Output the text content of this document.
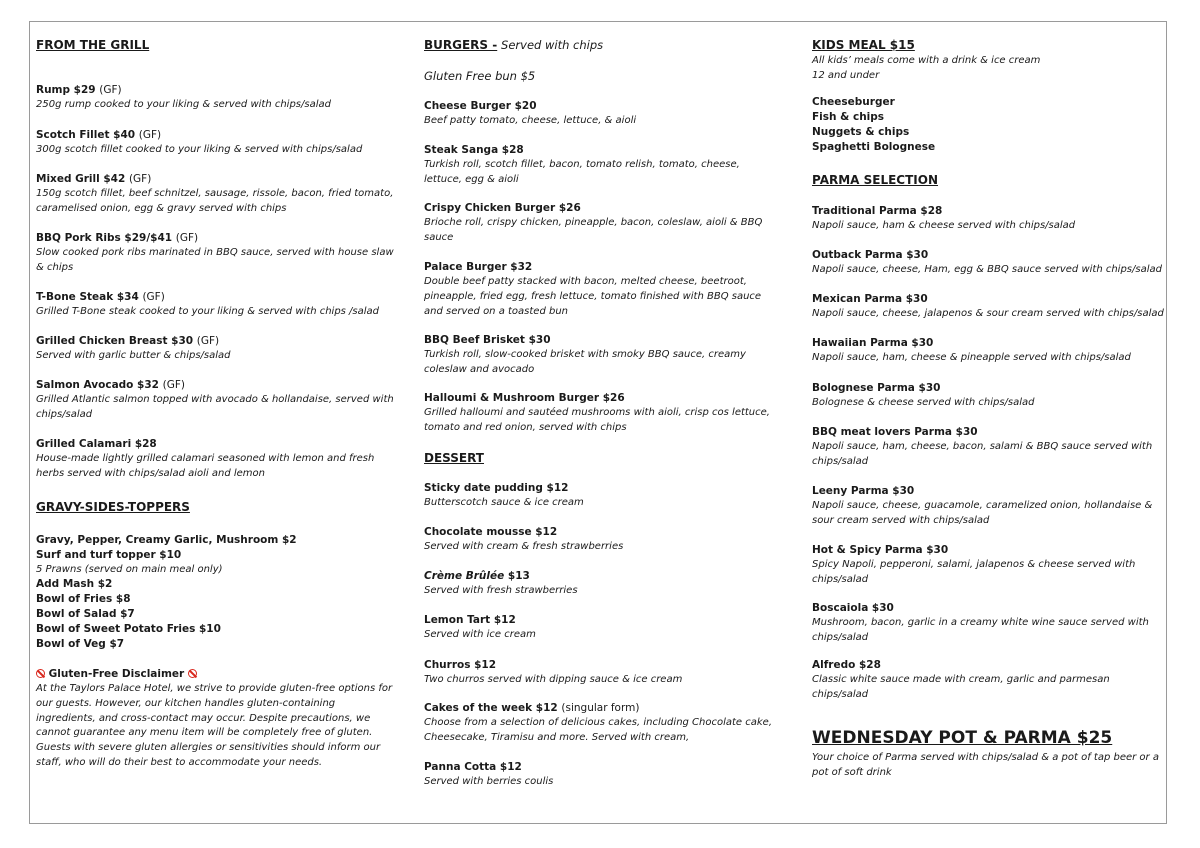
FROM THE GRILL
Rump $29 (GF)
250g rump cooked to your liking & served with chips/salad
Scotch Fillet $40 (GF)
300g scotch fillet cooked to your liking & served with chips/salad
Mixed Grill $42 (GF)
150g scotch fillet, beef schnitzel, sausage, rissole, bacon, fried tomato, caramelised onion, egg & gravy served with chips
BBQ Pork Ribs $29/$41 (GF)
Slow cooked pork ribs marinated in BBQ sauce, served with house slaw & chips
T-Bone Steak $34 (GF)
Grilled T-Bone steak cooked to your liking & served with chips /salad
Grilled Chicken Breast $30 (GF)
Served with garlic butter & chips/salad
Salmon Avocado $32 (GF)
Grilled Atlantic salmon topped with avocado & hollandaise, served with chips/salad
Grilled Calamari $28
House-made lightly grilled calamari seasoned with lemon and fresh herbs served with chips/salad aioli and lemon
GRAVY-SIDES-TOPPERS
Gravy, Pepper, Creamy Garlic, Mushroom $2
Surf and turf topper $10
5 Prawns (served on main meal only)
Add Mash $2
Bowl of Fries $8
Bowl of Salad $7
Bowl of Sweet Potato Fries $10
Bowl of Veg $7
Gluten-Free Disclaimer
At the Taylors Palace Hotel, we strive to provide gluten-free options for our guests. However, our kitchen handles gluten-containing ingredients, and cross-contact may occur. Despite precautions, we cannot guarantee any menu item will be completely free of gluten. Guests with severe gluten allergies or sensitivities should inform our staff, who will do their best to accommodate your needs.
BURGERS - Served with chips
Gluten Free bun $5
Cheese Burger $20
Beef patty tomato, cheese, lettuce, & aioli
Steak Sanga $28
Turkish roll, scotch fillet, bacon, tomato relish, tomato, cheese, lettuce, egg & aioli
Crispy Chicken Burger $26
Brioche roll, crispy chicken, pineapple, bacon, coleslaw, aioli & BBQ sauce
Palace Burger $32
Double beef patty stacked with bacon, melted cheese, beetroot, pineapple, fried egg, fresh lettuce, tomato finished with BBQ sauce and served on a toasted bun
BBQ Beef Brisket $30
Turkish roll, slow-cooked brisket with smoky BBQ sauce, creamy coleslaw and avocado
Halloumi & Mushroom Burger $26
Grilled halloumi and sautéed mushrooms with aioli, crisp cos lettuce, tomato and red onion, served with chips
DESSERT
Sticky date pudding $12
Butterscotch sauce & ice cream
Chocolate mousse $12
Served with cream & fresh strawberries
Crème Brûlée $13
Served with fresh strawberries
Lemon Tart $12
Served with ice cream
Churros $12
Two churros served with dipping sauce & ice cream
Cakes of the week $12 (singular form)
Choose from a selection of delicious cakes, including Chocolate cake, Cheesecake, Tiramisu and more. Served with cream,
Panna Cotta $12
Served with berries coulis
KIDS MEAL $15
All kids’ meals come with a drink & ice cream
12 and under
Cheeseburger
Fish & chips
Nuggets & chips
Spaghetti Bolognese
PARMA SELECTION
Traditional Parma $28
Napoli sauce, ham & cheese served with chips/salad
Outback Parma $30
Napoli sauce, cheese, Ham, egg & BBQ sauce served with chips/salad
Mexican Parma $30
Napoli sauce, cheese, jalapenos & sour cream served with chips/salad
Hawaiian Parma $30
Napoli sauce, ham, cheese & pineapple served with chips/salad
Bolognese Parma $30
Bolognese & cheese served with chips/salad
BBQ meat lovers Parma $30
Napoli sauce, ham, cheese, bacon, salami & BBQ sauce served with chips/salad
Leeny Parma $30
Napoli sauce, cheese, guacamole, caramelized onion, hollandaise & sour cream served with chips/salad
Hot & Spicy Parma $30
Spicy Napoli, pepperoni, salami, jalapenos & cheese served with chips/salad
Boscaiola $30
Mushroom, bacon, garlic in a creamy white wine sauce served with chips/salad
Alfredo $28
Classic white sauce made with cream, garlic and parmesan chips/salad
WEDNESDAY POT & PARMA $25
Your choice of Parma served with chips/salad & a pot of tap beer or a pot of soft drink
